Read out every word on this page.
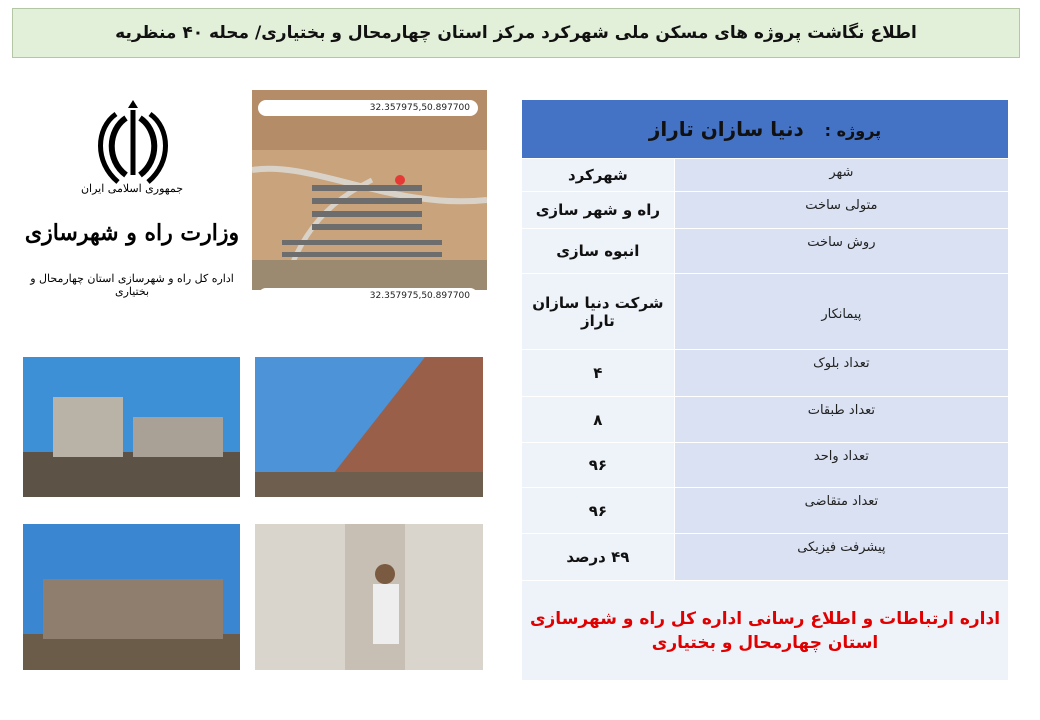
اطلاع نگاشت پروژه های مسکن ملی شهرکرد مرکز استان چهارمحال و بختیاری/ محله ۴۰ منظریه
جمهوری اسلامی ایران
وزارت راه و شهرسازی
اداره کل راه و شهرسازی استان چهارمحال و بختیاری
32.357975,50.897700
32.357975,50.897700
پروژه :   دنیا سازان تاراز	
شهر	شهرکرد
متولی ساخت	راه و شهر سازی
روش ساخت	انبوه سازی
پیمانکار	شرکت دنیا سازان تاراز
تعداد بلوک	۴
تعداد طبقات	۸
تعداد واحد	۹۶
تعداد متقاضی	۹۶
پیشرفت فیزیکی	۴۹ درصد

اداره ارتباطات و اطلاع رسانی اداره کل راه و شهرسازی
استان چهارمحال و بختیاری	
